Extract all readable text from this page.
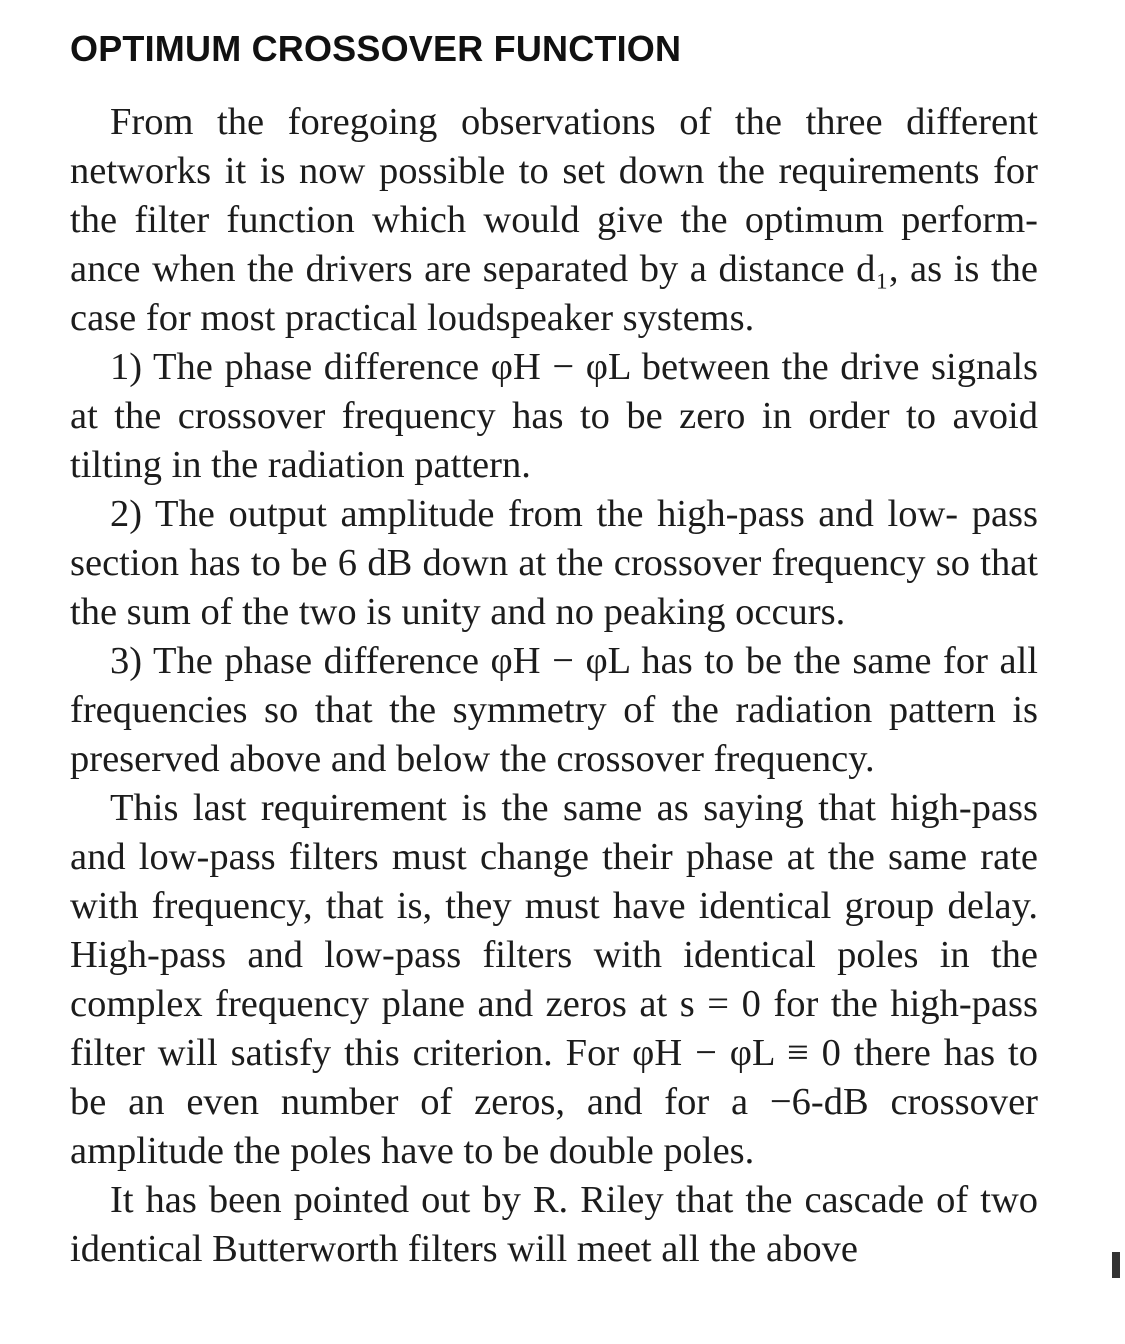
OPTIMUM CROSSOVER FUNCTION

From the foregoing observations of the three different networks it is now possible to set down the requirements for the filter function which would give the optimum perform- ance when the drivers are separated by a distance d₁, as is the case for most practical loudspeaker systems.

1) The phase difference φH − φL between the drive signals at the crossover frequency has to be zero in order to avoid tilting in the radiation pattern.

2) The output amplitude from the high-pass and low- pass section has to be 6 dB down at the crossover frequency so that the sum of the two is unity and no peaking occurs.

3) The phase difference φH − φL has to be the same for all frequencies so that the symmetry of the radiation pattern is preserved above and below the crossover frequency.

This last requirement is the same as saying that high-pass and low-pass filters must change their phase at the same rate with frequency, that is, they must have identical group delay. High-pass and low-pass filters with identical poles in the complex frequency plane and zeros at s = 0 for the high-pass filter will satisfy this criterion. For φH − φL ≡ 0 there has to be an even number of zeros, and for a −6-dB crossover amplitude the poles have to be double poles.

It has been pointed out by R. Riley that the cascade of two identical Butterworth filters will meet all the above
